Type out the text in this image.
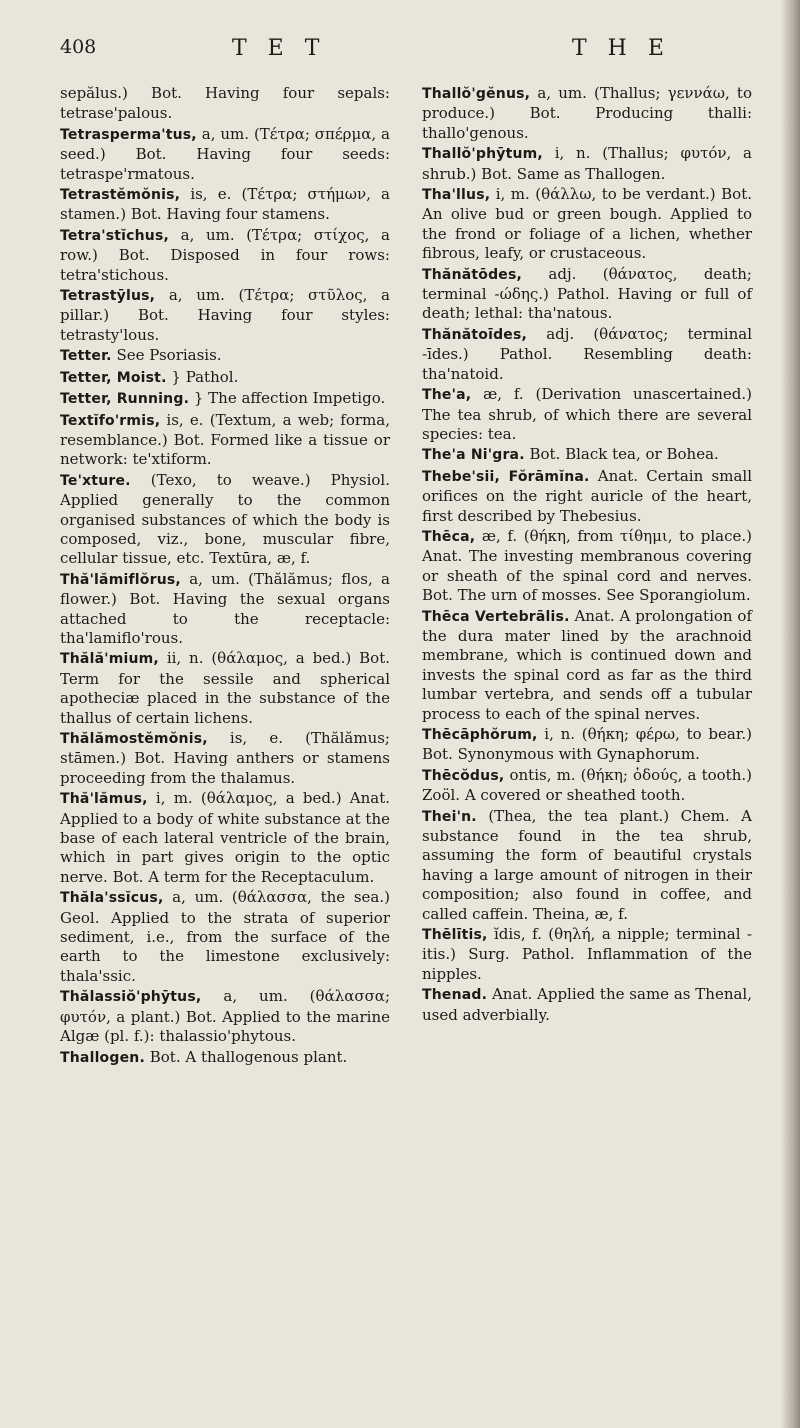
408	T E T	T H E

sepălus.) Bot. Having four sepals: tetrase'palous.

Tetrasperma'tus, a, um. (Τέτρα; σπέρμα, a seed.) Bot. Having four seeds: tetraspe'rmatous.

Tetrastĕmŏnis, is, e. (Τέτρα; στήμων, a stamen.) Bot. Having four stamens.

Tetra'stĭchus, a, um. (Τέτρα; στίχος, a row.) Bot. Disposed in four rows: tetra'stichous.

Tetrastȳlus, a, um. (Τέτρα; στῦλος, a pillar.) Bot. Having four styles: tetrasty'lous.

Tetter. See Psoriasis.

Tetter, Moist. } Pathol.

Tetter, Running. } The affection Impetigo.

Textĭfo'rmis, is, e. (Textum, a web; forma, resemblance.) Bot. Formed like a tissue or network: te'xtiform.

Te'xture. (Texo, to weave.) Physiol. Applied generally to the common organised substances of which the body is composed, viz., bone, muscular fibre, cellular tissue, etc. Textūra, æ, f.

Thă'lămiflŏrus, a, um. (Thălămus; flos, a flower.) Bot. Having the sexual organs attached to the receptacle: tha'lamiflo'rous.

Thălă'mium, ii, n. (θάλαμος, a bed.) Bot. Term for the sessile and spherical apotheciæ placed in the substance of the thallus of certain lichens.

Thălămostĕmŏnis, is, e. (Thălămus; stāmen.) Bot. Having anthers or stamens proceeding from the thalamus.

Thă'lămus, i, m. (θάλαμος, a bed.) Anat. Applied to a body of white substance at the base of each lateral ventricle of the brain, which in part gives origin to the optic nerve. Bot. A term for the Receptaculum.

Thăla'ssĭcus, a, um. (θάλασσα, the sea.) Geol. Applied to the strata of superior sediment, i.e., from the surface of the earth to the limestone exclusively: thala'ssic.

Thălassiŏ'phȳtus, a, um. (θάλασσα; φυτόν, a plant.) Bot. Applied to the marine Algæ (pl. f.): thalassio'phytous.

Thallogen. Bot. A thallogenous plant.

Thallŏ'gĕnus, a, um. (Thallus; γεννάω, to produce.) Bot. Producing thalli: thallo'genous.

Thallŏ'phȳtum, i, n. (Thallus; φυτόν, a shrub.) Bot. Same as Thallogen.

Tha'llus, i, m. (θάλλω, to be verdant.) Bot. An olive bud or green bough. Applied to the frond or foliage of a lichen, whether fibrous, leafy, or crustaceous.

Thănătōdes, adj. (θάνατος, death; terminal -ώδης.) Pathol. Having or full of death; lethal: tha'natous.

Thănătoīdes, adj. (θάνατος; terminal -īdes.) Pathol. Resembling death: tha'natoid.

The'a, æ, f. (Derivation unascertained.) The tea shrub, of which there are several species: tea.

The'a Ni'gra. Bot. Black tea, or Bohea.

Thebe'sii, Fŏrāmĭna. Anat. Certain small orifices on the right auricle of the heart, first described by Thebesius.

Thēca, æ, f. (θήκη, from τίθημι, to place.) Anat. The investing membranous covering or sheath of the spinal cord and nerves. Bot. The urn of mosses. See Sporangiolum.

Thēca Vertebrālis. Anat. A prolongation of the dura mater lined by the arachnoid membrane, which is continued down and invests the spinal cord as far as the third lumbar vertebra, and sends off a tubular process to each of the spinal nerves.

Thēcāphŏrum, i, n. (θήκη; φέρω, to bear.) Bot. Synonymous with Gynaphorum.

Thēcŏdus, ontis, m. (θήκη; ὀδούς, a tooth.) Zoöl. A covered or sheathed tooth.

Thei'n. (Thea, the tea plant.) Chem. A substance found in the tea shrub, assuming the form of beautiful crystals having a large amount of nitrogen in their composition; also found in coffee, and called caffein. Theina, æ, f.

Thēlītis, ĭdis, f. (θηλή, a nipple; terminal -itis.) Surg. Pathol. Inflammation of the nipples.

Thenad. Anat. Applied the same as Thenal, used adverbially.
